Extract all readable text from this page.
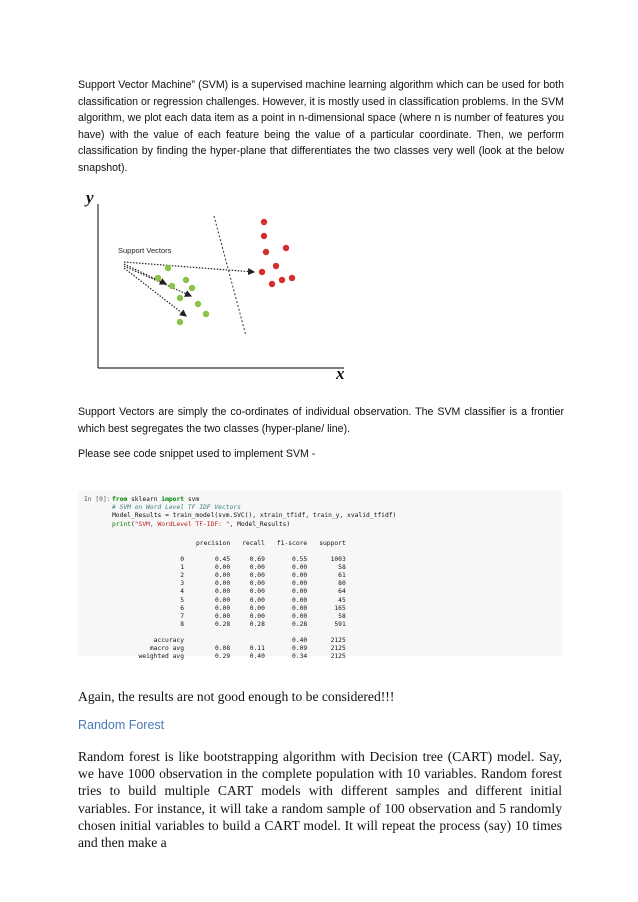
Support Vector Machine” (SVM) is a supervised machine learning algorithm which can be used for both classification or regression challenges. However, it is mostly used in classification problems. In the SVM algorithm, we plot each data item as a point in n-dimensional space (where n is number of features you have) with the value of each feature being the value of a particular coordinate. Then, we perform classification by finding the hyper-plane that differentiates the two classes very well (look at the below snapshot).

y
x
Support Vectors

Support Vectors are simply the co-ordinates of individual observation. The SVM classifier is a frontier which best segregates the two classes (hyper-plane/ line).

Please see code snippet used to implement SVM -

In [0]: from sklearn import svm
# SVM on Word Level TF IDF Vectors
Model_Results = train_model(svm.SVC(), xtrain_tfidf, train_y, xvalid_tfidf)
print("SVM, WordLevel TF-IDF: ", Model_Results)
	precision	recall	f1-score	support

0	0.45	0.69	0.55	1003
1	0.00	0.00	0.00	58
2	0.00	0.00	0.00	61
3	0.00	0.00	0.00	80
4	0.00	0.00	0.00	64
5	0.00	0.00	0.00	45
6	0.00	0.00	0.00	165
7	0.00	0.00	0.00	58
8	0.28	0.28	0.28	591

accuracy			0.40	2125
macro avg	0.08	0.11	0.09	2125
weighted avg	0.29	0.40	0.34	2125

Again, the results are not good enough to be considered!!!

Random Forest

Random forest is like bootstrapping algorithm with Decision tree (CART) model. Say, we have 1000 observation in the complete population with 10 variables. Random forest tries to build multiple CART models with different samples and different initial variables. For instance, it will take a random sample of 100 observation and 5 randomly chosen initial variables to build a CART model. It will repeat the process (say) 10 times and then make a
